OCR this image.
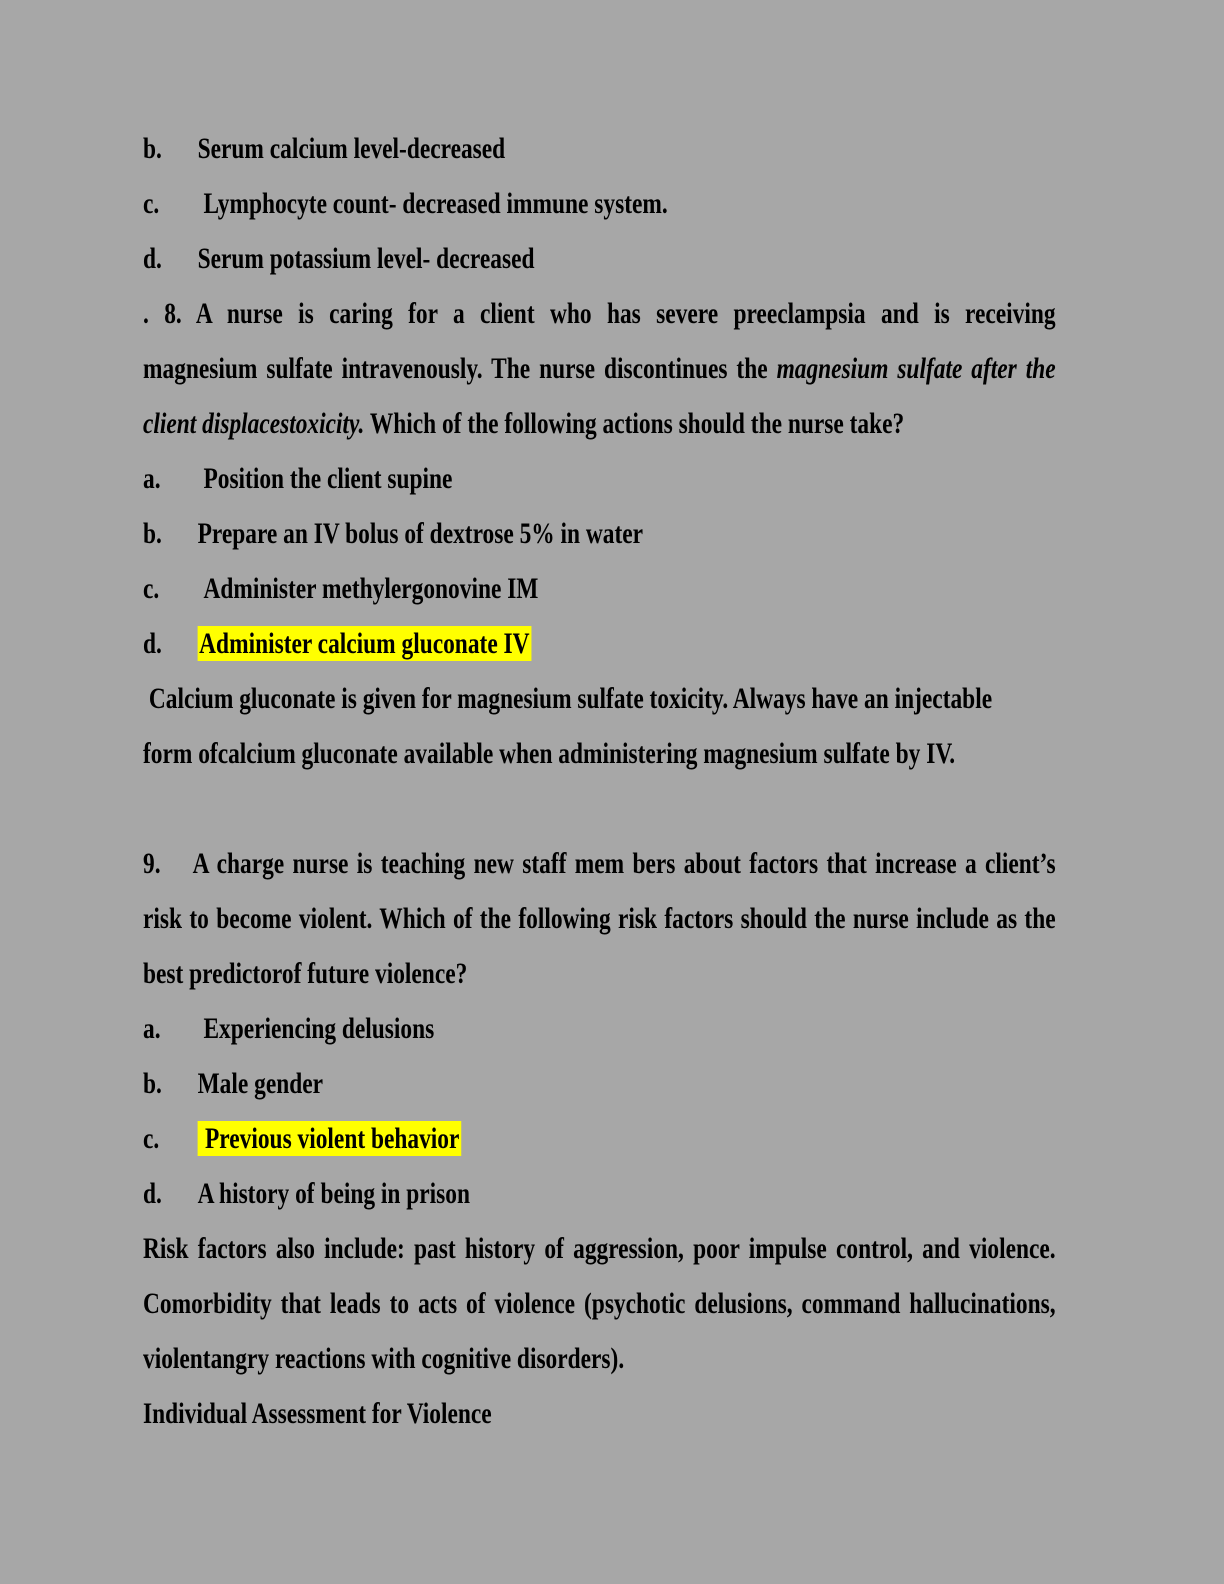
b. Serum calcium level-decreased
c. Lymphocyte count- decreased immune system.
d. Serum potassium level- decreased
. 8. A nurse is caring for a client who has severe preeclampsia and is receiving
magnesium sulfate intravenously. The nurse discontinues the magnesium sulfate after the
client displacestoxicity. Which of the following actions should the nurse take?
a. Position the client supine
b. Prepare an IV bolus of dextrose 5% in water
c. Administer methylergonovine IM
d. Administer calcium gluconate IV
Calcium gluconate is given for magnesium sulfate toxicity. Always have an injectable
form ofcalcium gluconate available when administering magnesium sulfate by IV.
9.    A charge nurse is teaching new staff mem bers about factors that increase a client’s
risk to become violent. Which of the following risk factors should the nurse include as the
best predictorof future violence?
a. Experiencing delusions
b. Male gender
c. Previous violent behavior
d. A history of being in prison
Risk factors also include: past history of aggression, poor impulse control, and violence.
Comorbidity that leads to acts of violence (psychotic delusions, command hallucinations,
violentangry reactions with cognitive disorders).
Individual Assessment for Violence
